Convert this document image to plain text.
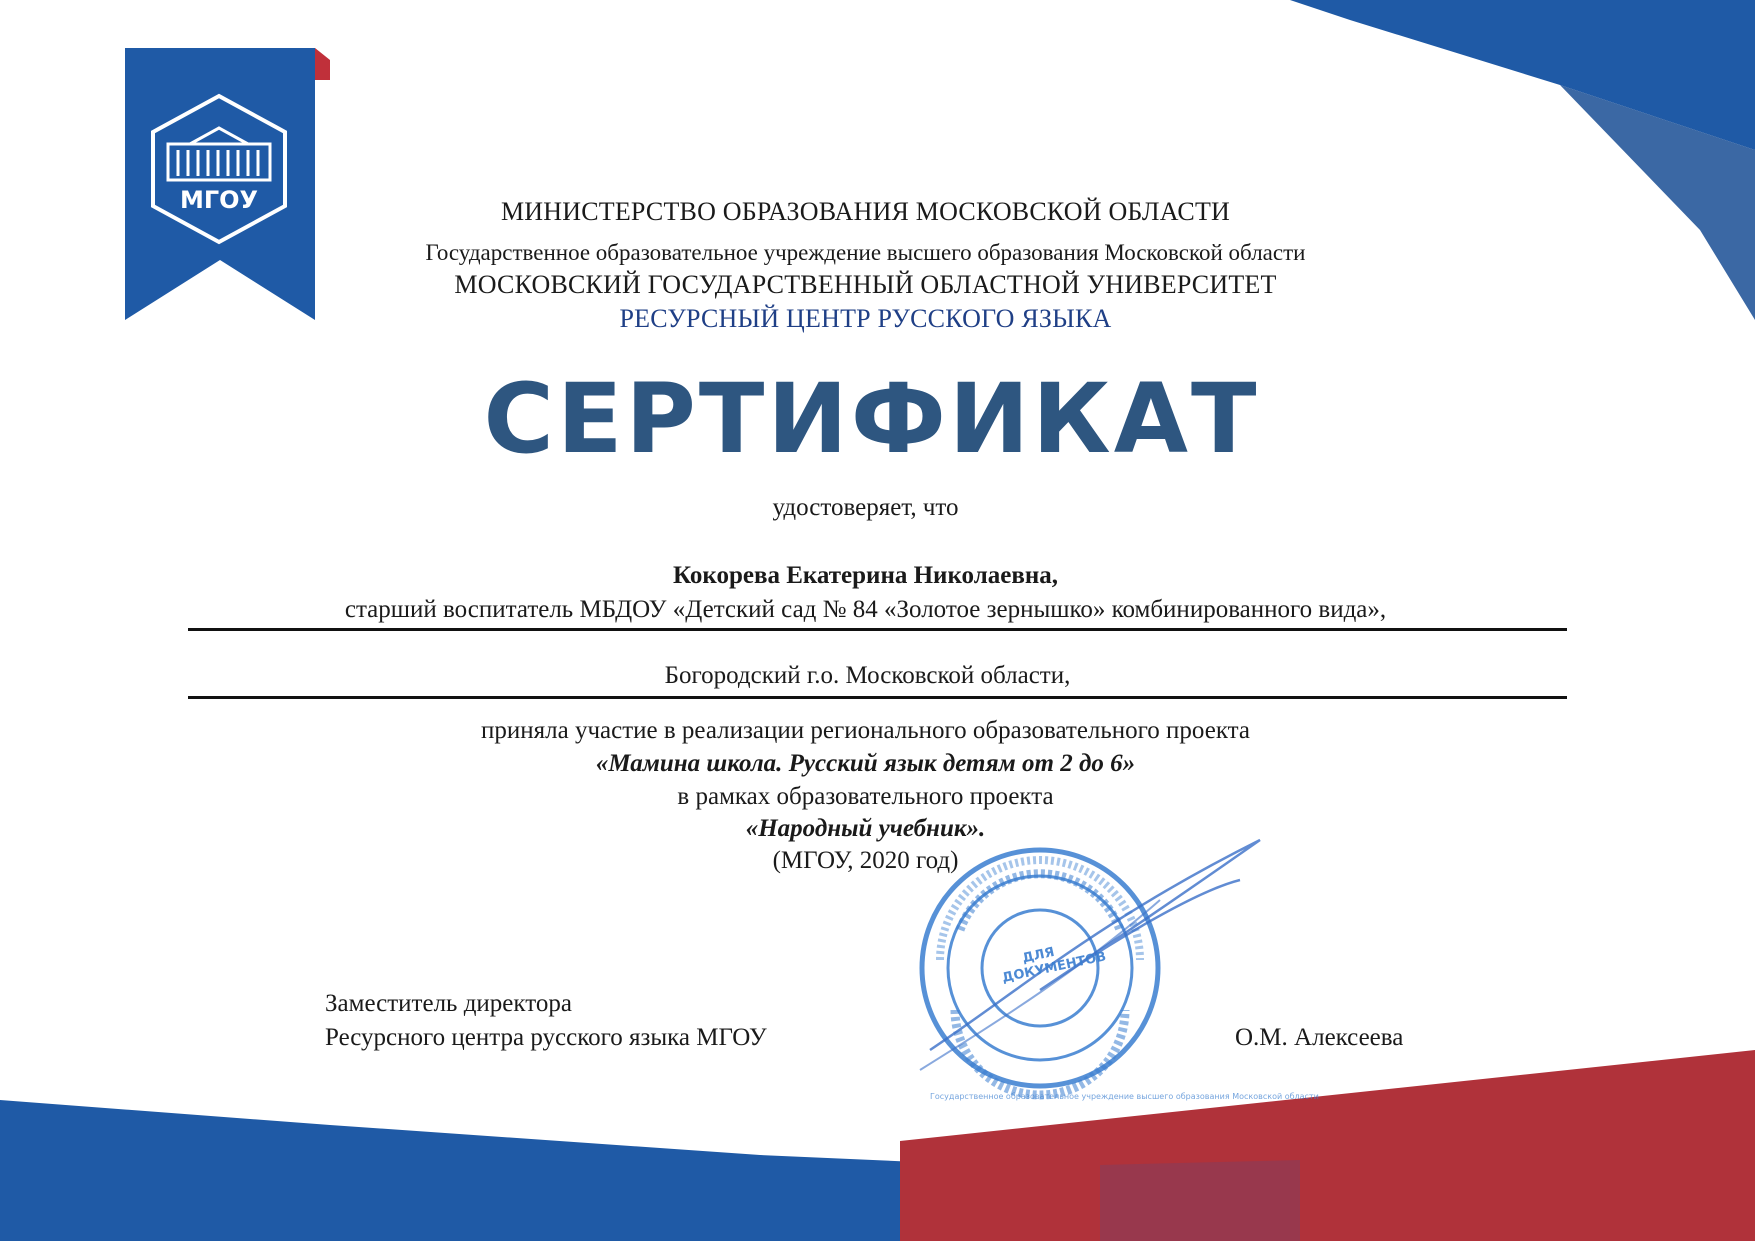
МГОУ	МИНИСТЕРСТВО ОБРАЗОВАНИЯ МОСКОВСКОЙ ОБЛАСТИ
Государственное образовательное учреждение высшего образования Московской области
МОСКОВСКИЙ ГОСУДАРСТВЕННЫЙ ОБЛАСТНОЙ УНИВЕРСИТЕТ
РЕСУРСНЫЙ ЦЕНТР РУССКОГО ЯЗЫКА
СЕРТИФИКАТ
удостоверяет, что
Кокорева Екатерина Николаевна,
старший воспитатель МБДОУ «Детский сад № 84 «Золотое зернышко» комбинированного вида»,
Богородский г.о. Московской области,
приняла участие в реализации регионального образовательного проекта
«Мамина школа. Русский язык детям от 2 до 6»
в рамках образовательного проекта
«Народный учебник».
(МГОУ, 2020 год)
Заместитель директора
Ресурсного центра русского языка МГОУ	О.М. Алексеева
ДЛЯ ДОКУМЕНТОВ
Государственное образовательное учреждение высшего образования Московской области
